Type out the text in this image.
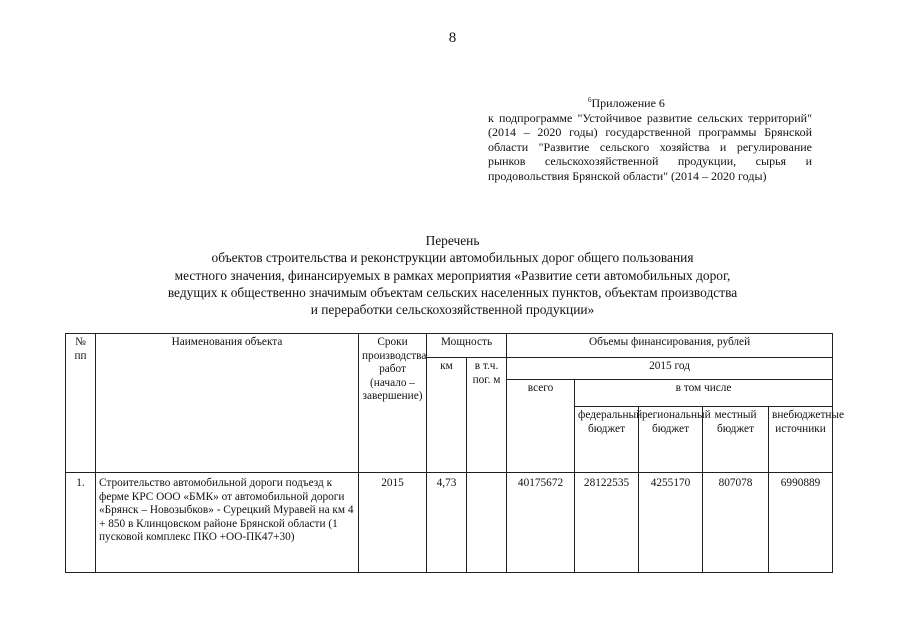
8
$^6$Приложение 6
к подпрограмме "Устойчивое развитие сельских территорий" (2014 – 2020 годы) государственной программы Брянской области "Развитие сельского хозяйства и регулирование рынков сельскохозяйственной продукции, сырья и продовольствия Брянской области" (2014 – 2020 годы)
Перечень
объектов строительства и реконструкции автомобильных дорог общего пользования
местного значения, финансируемых в рамках мероприятия «Развитие сети автомобильных дорог,
ведущих к общественно значимым объектам сельских населенных пунктов, объектам производства
и переработки сельскохозяйственной продукции»
№ пп	Наименования объекта	Сроки производства работ (начало – завершение)	Мощность		Объемы финансирования, рублей				
			км	в т.ч. пог. м	2015 год				
					всего	в том числе			
						федеральный бюджет	региональный бюджет	местный бюджет	внебюджетные источники
1.	Строительство автомобильной дороги подъезд к ферме КРС ООО «БМК» от автомобильной дороги «Брянск – Новозыбков» - Сурецкий Муравей на км 4 + 850 в Клинцовском районе Брянской области (1 пусковой комплекс ПКО +ОО-ПК47+30)	2015	4,73		40175672	28122535	4255170	807078	6990889
